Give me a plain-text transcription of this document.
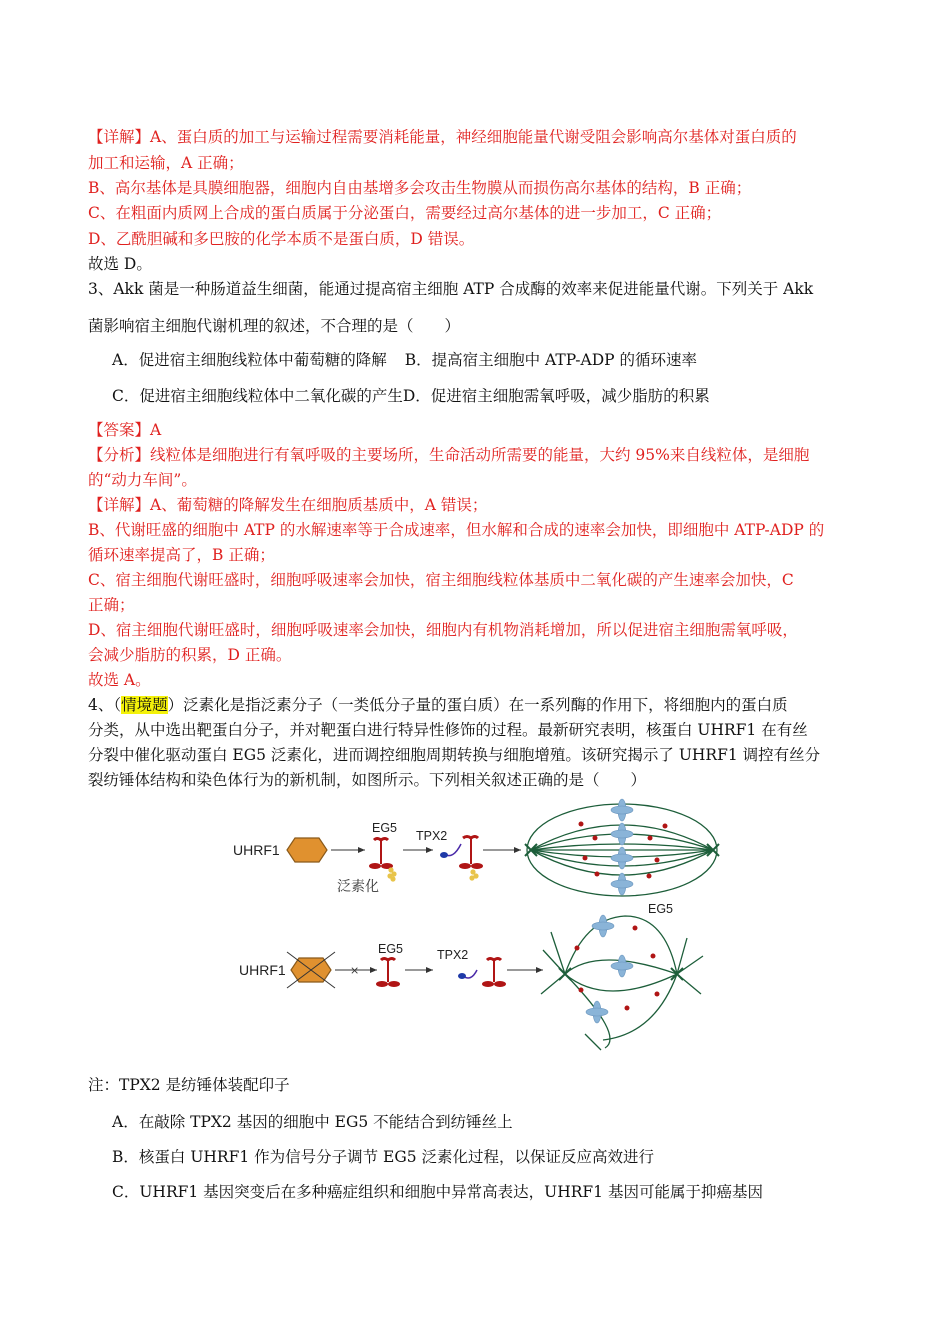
【详解】A、蛋白质的加工与运输过程需要消耗能量，神经细胞能量代谢受阻会影响高尔基体对蛋白质的
加工和运输，A 正确；
B、高尔基体是具膜细胞器，细胞内自由基增多会攻击生物膜从而损伤高尔基体的结构，B 正确；
C、在粗面内质网上合成的蛋白质属于分泌蛋白，需要经过高尔基体的进一步加工，C 正确；
D、乙酰胆碱和多巴胺的化学本质不是蛋白质，D 错误。
故选 D。
3、Akk 菌是一种肠道益生细菌，能通过提高宿主细胞 ATP 合成酶的效率来促进能量代谢。下列关于 Akk
菌影响宿主细胞代谢机理的叙述，不合理的是（　　）
A．促进宿主细胞线粒体中葡萄糖的降解 B．提高宿主细胞中 ATP-ADP 的循环速率
C．促进宿主细胞线粒体中二氧化碳的产生D．促进宿主细胞需氧呼吸，减少脂肪的积累
【答案】A
【分析】线粒体是细胞进行有氧呼吸的主要场所，生命活动所需要的能量，大约 95%来自线粒体，是细胞
的“动力车间”。
【详解】A、葡萄糖的降解发生在细胞质基质中，A 错误；
B、代谢旺盛的细胞中 ATP 的水解速率等于合成速率，但水解和合成的速率会加快，即细胞中 ATP-ADP 的
循环速率提高了，B 正确；
C、宿主细胞代谢旺盛时，细胞呼吸速率会加快，宿主细胞线粒体基质中二氧化碳的产生速率会加快，C
正确；
D、宿主细胞代谢旺盛时，细胞呼吸速率会加快，细胞内有机物消耗增加，所以促进宿主细胞需氧呼吸，
会减少脂肪的积累，D 正确。
故选 A。
4、（情境题）泛素化是指泛素分子（一类低分子量的蛋白质）在一系列酶的作用下，将细胞内的蛋白质
分类，从中选出靶蛋白分子，并对靶蛋白进行特异性修饰的过程。最新研究表明，核蛋白 UHRF1 在有丝
分裂中催化驱动蛋白 EG5 泛素化，进而调控细胞周期转换与细胞增殖。该研究揭示了 UHRF1 调控有丝分
裂纺锤体结构和染色体行为的新机制，如图所示。下列相关叙述正确的是（　　）
UHRF1
EG5
泛素化
TPX2
UHRF1	×
EG5	TPX2
EG5
注：TPX2 是纺锤体装配印子
A．在敲除 TPX2 基因的细胞中 EG5 不能结合到纺锤丝上
B．核蛋白 UHRF1 作为信号分子调节 EG5 泛素化过程，以保证反应高效进行
C．UHRF1 基因突变后在多种癌症组织和细胞中异常高表达，UHRF1 基因可能属于抑癌基因
